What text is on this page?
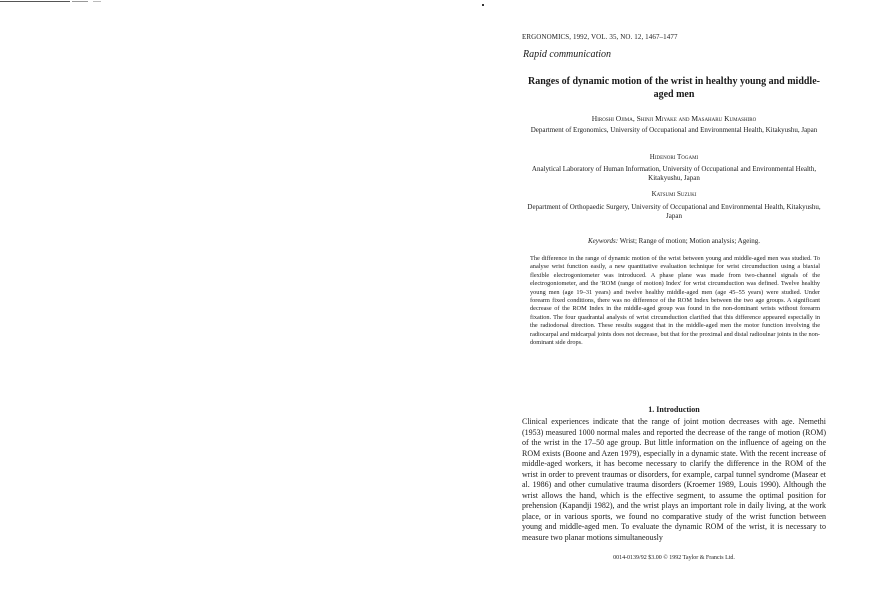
ERGONOMICS, 1992, VOL. 35, NO. 12, 1467–1477
Rapid communication
Ranges of dynamic motion of the wrist in healthy young and middle-aged men
Hiroshi Ojima, Shinji Miyake and Masaharu Kumashiro
Department of Ergonomics, University of Occupational and Environmental Health, Kitakyushu, Japan
Hidenori Togami
Analytical Laboratory of Human Information, University of Occupational and Environmental Health, Kitakyushu, Japan
Katsumi Suzuki
Department of Orthopaedic Surgery, University of Occupational and Environmental Health, Kitakyushu, Japan
Keywords: Wrist; Range of motion; Motion analysis; Ageing.

The difference in the range of dynamic motion of the wrist between young and middle-aged men was studied. To analyse wrist function easily, a new quantitative evaluation technique for wrist circumduction using a biaxial flexible electrogoniometer was introduced. A phase plane was made from two-channel signals of the electrogoniometer, and the 'ROM (range of motion) Index' for wrist circumduction was defined. Twelve healthy young men (age 19–31 years) and twelve healthy middle-aged men (age 45–55 years) were studied. Under forearm fixed conditions, there was no difference of the ROM Index between the two age groups. A significant decrease of the ROM Index in the middle-aged group was found in the non-dominant wrists without forearm fixation. The four quadrantal analysis of wrist circumduction clarified that this difference appeared especially in the radiodorsal direction. These results suggest that in the middle-aged men the motor function involving the radiocarpal and midcarpal joints does not decrease, but that for the proximal and distal radioulnar joints in the non-dominant side drops.

1. Introduction

Clinical experiences indicate that the range of joint motion decreases with age. Nemethi (1953) measured 1000 normal males and reported the decrease of the range of motion (ROM) of the wrist in the 17–50 age group. But little information on the influence of ageing on the ROM exists (Boone and Azen 1979), especially in a dynamic state. With the recent increase of middle-aged workers, it has become necessary to clarify the difference in the ROM of the wrist in order to prevent traumas or disorders, for example, carpal tunnel syndrome (Masear et al. 1986) and other cumulative trauma disorders (Kroemer 1989, Louis 1990). Although the wrist allows the hand, which is the effective segment, to assume the optimal position for prehension (Kapandji 1982), and the wrist plays an important role in daily living, at the work place, or in various sports, we found no comparative study of the wrist function between young and middle-aged men. To evaluate the dynamic ROM of the wrist, it is necessary to measure two planar motions simultaneously

0014-0139/92 $3.00 © 1992 Taylor & Francis Ltd.
